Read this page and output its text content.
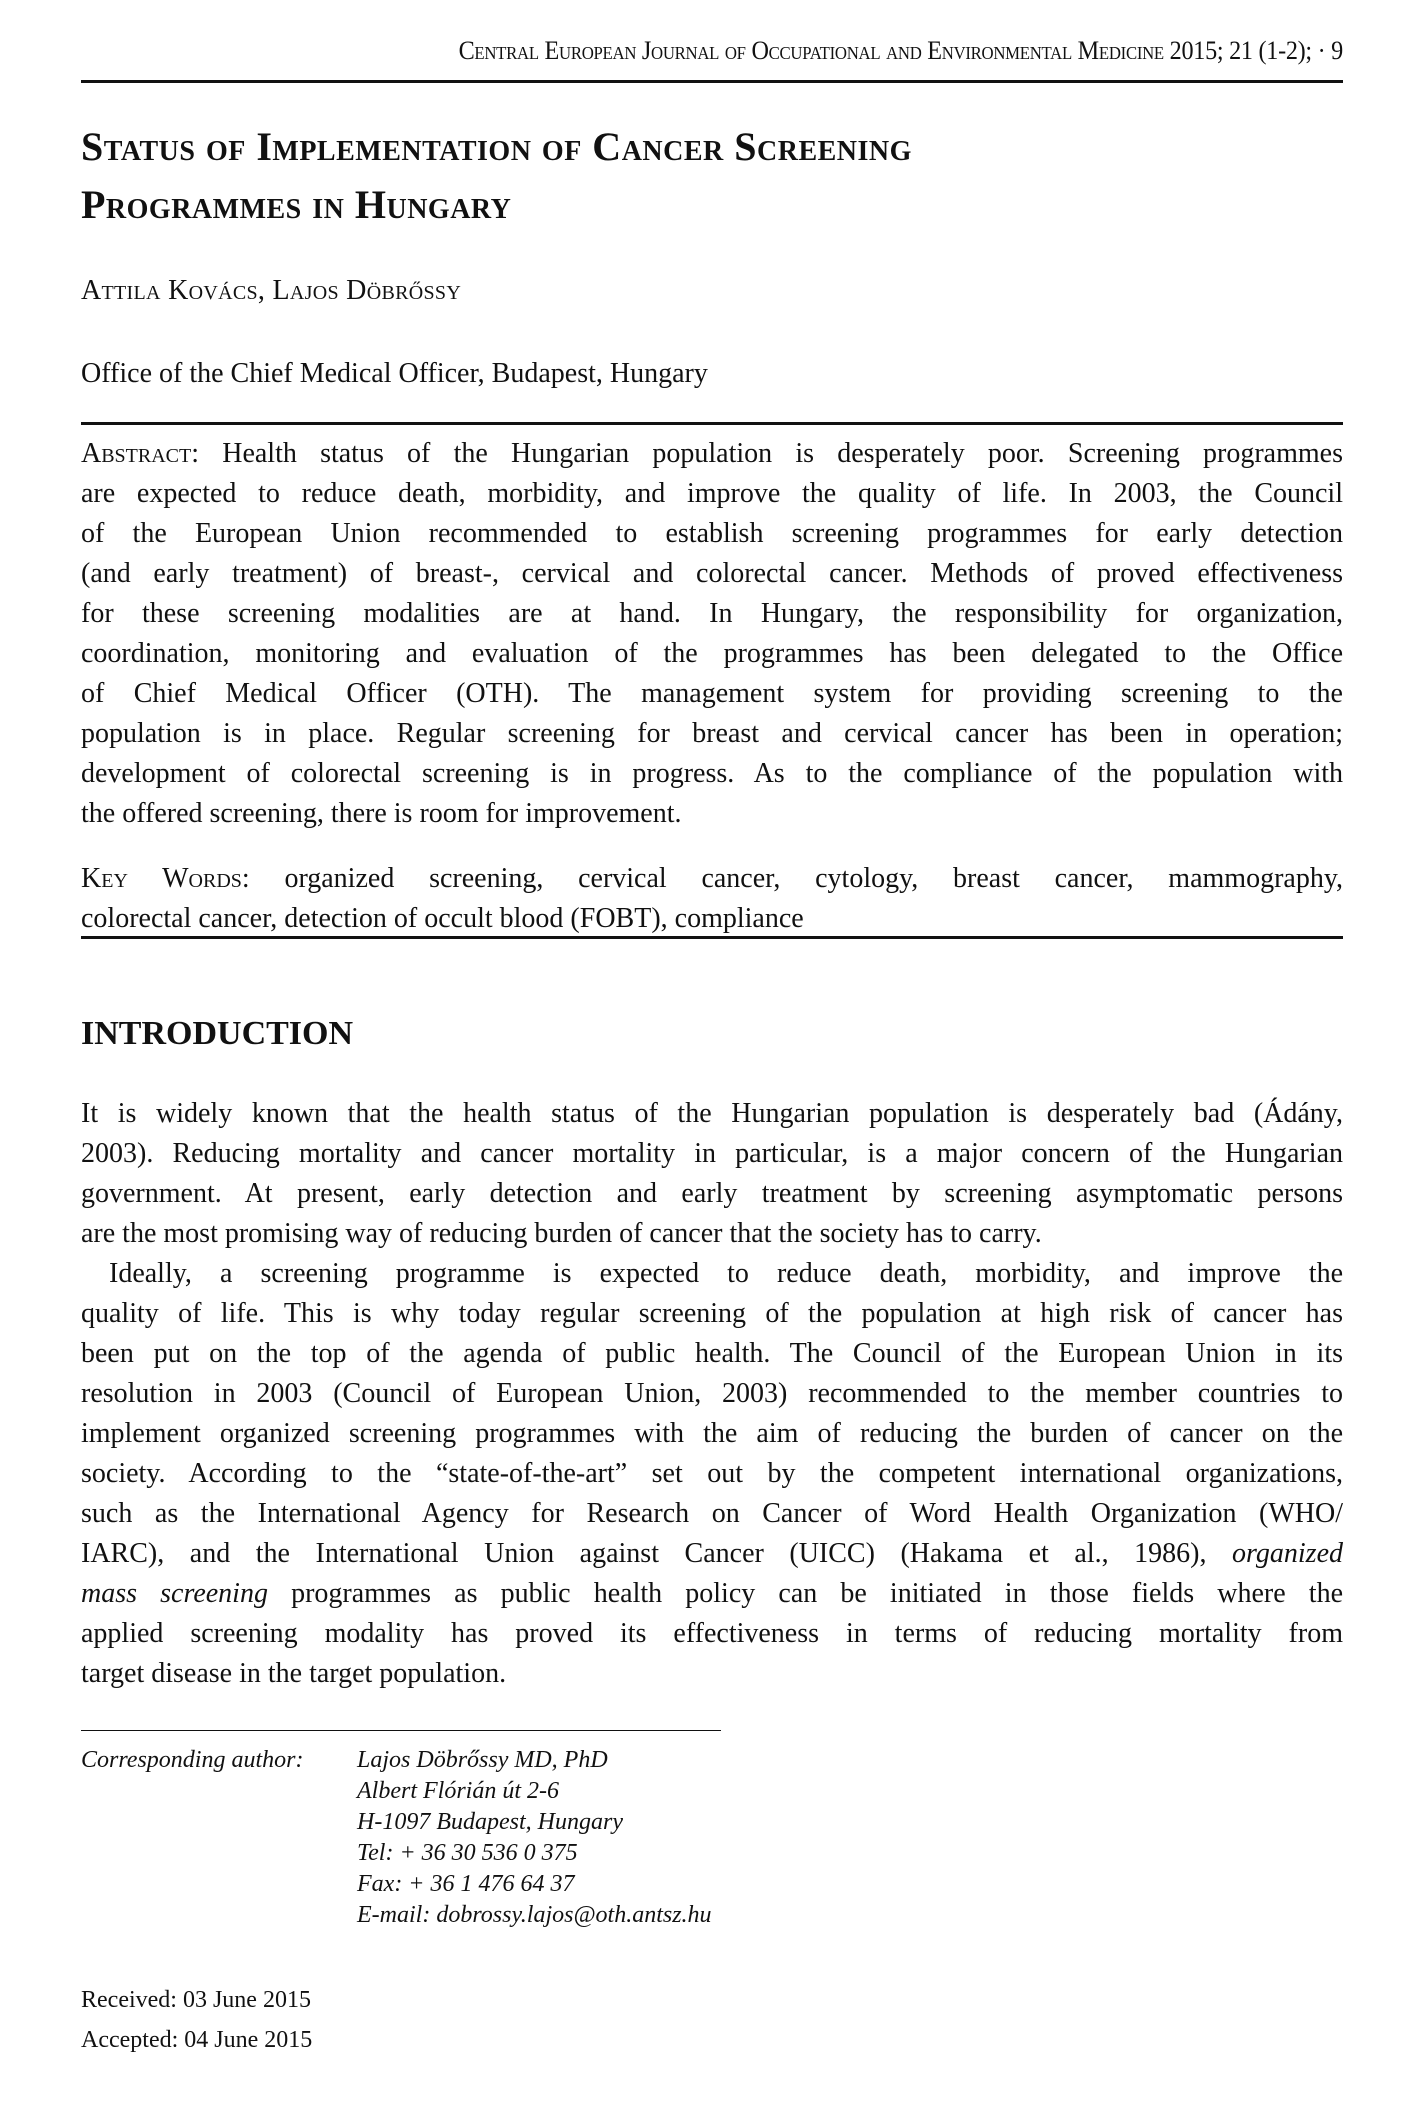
Central European Journal of Occupational and Environmental Medicine 2015; 21 (1-2); · 9
Status of Implementation of Cancer Screening
Programmes in Hungary
Attila Kovács, Lajos Döbrőssy
Office of the Chief Medical Officer, Budapest, Hungary
Abstract: Health status of the Hungarian population is desperately poor. Screening programmes
are expected to reduce death, morbidity, and improve the quality of life. In 2003, the Council
of the European Union recommended to establish screening programmes for early detection
(and early treatment) of breast-, cervical and colorectal cancer. Methods of proved effectiveness
for these screening modalities are at hand. In Hungary, the responsibility for organization,
coordination, monitoring and evaluation of the programmes has been delegated to the Office
of Chief Medical Officer (OTH). The management system for providing screening to the
population is in place. Regular screening for breast and cervical cancer has been in operation;
development of colorectal screening is in progress. As to the compliance of the population with
the offered screening, there is room for improvement.
Key Words: organized screening, cervical cancer, cytology, breast cancer, mammography,
colorectal cancer, detection of occult blood (FOBT), compliance
INTRODUCTION
It is widely known that the health status of the Hungarian population is desperately bad (Ádány,
2003). Reducing mortality and cancer mortality in particular, is a major concern of the Hungarian
government. At present, early detection and early treatment by screening asymptomatic persons
are the most promising way of reducing burden of cancer that the society has to carry.
Ideally, a screening programme is expected to reduce death, morbidity, and improve the
quality of life. This is why today regular screening of the population at high risk of cancer has
been put on the top of the agenda of public health. The Council of the European Union in its
resolution in 2003 (Council of European Union, 2003) recommended to the member countries to
implement organized screening programmes with the aim of reducing the burden of cancer on the
society. According to the “state-of-the-art” set out by the competent international organizations,
such as the International Agency for Research on Cancer of Word Health Organization (WHO/
IARC), and the International Union against Cancer (UICC) (Hakama et al., 1986), organized
mass screening programmes as public health policy can be initiated in those fields where the
applied screening modality has proved its effectiveness in terms of reducing mortality from
target disease in the target population.
Corresponding author: Lajos Döbrőssy MD, PhD
Albert Flórián út 2-6
H-1097 Budapest, Hungary
Tel: + 36 30 536 0 375
Fax: + 36 1 476 64 37
E-mail: dobrossy.lajos@oth.antsz.hu
Received: 03 June 2015
Accepted: 04 June 2015
